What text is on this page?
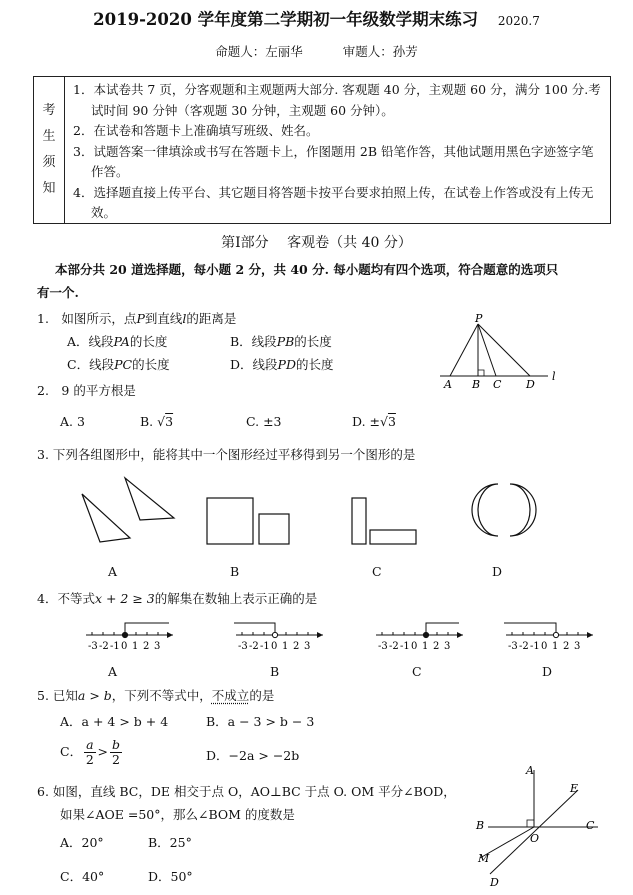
2019-2020 学年度第二学期初一年级数学期末练习 2020.7
命题人：左丽华	审题人：孙芳
考
生
须
知
1．本试卷共 7 页，分客观题和主观题两大部分. 客观题 40 分，主观题 60 分，满分 100 分.考试时间 90 分钟（客观题 30 分钟，主观题 60 分钟）。
2．在试卷和答题卡上准确填写班级、姓名。
3．试题答案一律填涂或书写在答题卡上，作图题用 2B 铅笔作答，其他试题用黑色字迹签字笔作答。
4．选择题直接上传平台、其它题目将答题卡按平台要求拍照上传，在试卷上作答或没有上传无效。
第I部分　 客观卷（共 40 分）
本部分共 20 道选择题，每小题 2 分，共 40 分. 每小题均有四个选项，符合题意的选项只
有一个.
1.　如图所示，点P到直线l的距离是
A．线段PA的长度	B．线段PB的长度
C．线段PC的长度	D．线段PD的长度
P
A B C D
l
2.　9 的平方根是
A. 3	B. √3	C. ±3	D. ±√3
3. 下列各组图形中，能将其中一个图形经过平移得到另一个图形的是
A	B	C	D
4．不等式x + 2 ≥ 3的解集在数轴上表示正确的是
-3 -2 -1 0 1 2 3	-3 -2 -1 0 1 2 3	-3 -2 -1 0 1 2 3	-3 -2 -1 0 1 2 3
A	B	C	D
5. 已知a > b，下列不等式中，不成立的是
A．a + 4 > b + 4	B．a − 3 > b − 3
C． $\frac{a}{2} > \frac{b}{2}$	D．−2a > −2b
6. 如图，直线 BC，DE 相交于点 O，AO⊥BC 于点 O. OM 平分∠BOD，
如果∠AOE =50°，那么∠BOM 的度数是
A．20°	B．25°
C．40°	D．50°
A
E
B	C
O
M
D
